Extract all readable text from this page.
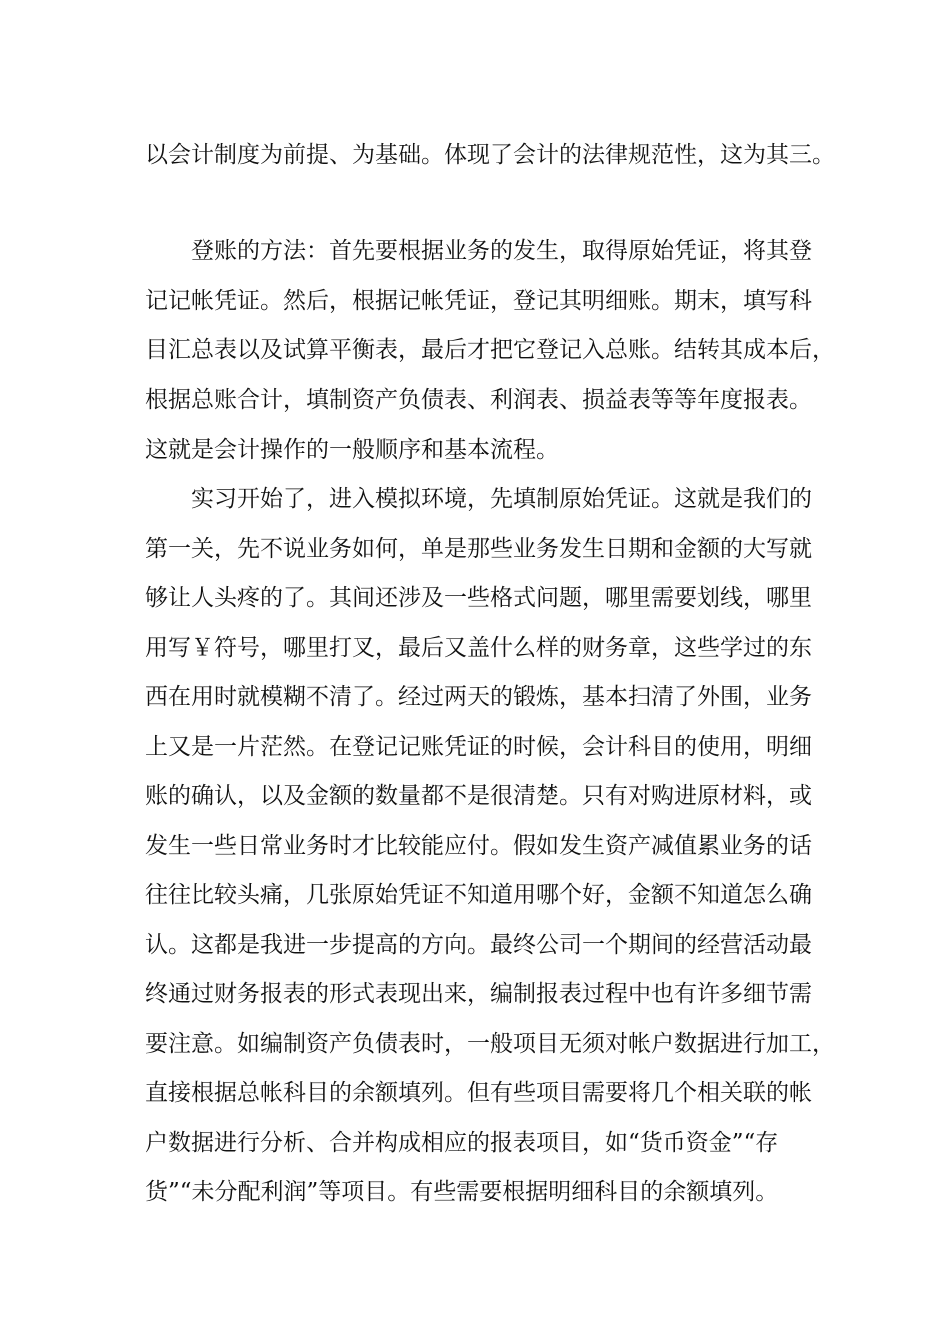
以会计制度为前提、为基础。体现了会计的法律规范性，这为其三。

登账的方法：首先要根据业务的发生，取得原始凭证，将其登

记记帐凭证。然后，根据记帐凭证，登记其明细账。期末，填写科

目汇总表以及试算平衡表，最后才把它登记入总账。结转其成本后，

根据总账合计，填制资产负债表、利润表、损益表等等年度报表。

这就是会计操作的一般顺序和基本流程。

实习开始了，进入模拟环境，先填制原始凭证。这就是我们的

第一关，先不说业务如何，单是那些业务发生日期和金额的大写就

够让人头疼的了。其间还涉及一些格式问题，哪里需要划线，哪里

用写￥符号，哪里打叉，最后又盖什么样的财务章，这些学过的东

西在用时就模糊不清了。经过两天的锻炼，基本扫清了外围，业务

上又是一片茫然。在登记记账凭证的时候，会计科目的使用，明细

账的确认，以及金额的数量都不是很清楚。只有对购进原材料，或

发生一些日常业务时才比较能应付。假如发生资产减值累业务的话

往往比较头痛，几张原始凭证不知道用哪个好，金额不知道怎么确

认。这都是我进一步提高的方向。最终公司一个期间的经营活动最

终通过财务报表的形式表现出来，编制报表过程中也有许多细节需

要注意。如编制资产负债表时，一般项目无须对帐户数据进行加工，

直接根据总帐科目的余额填列。但有些项目需要将几个相关联的帐

户数据进行分析、合并构成相应的报表项目，如“货币资金”“存

货”“未分配利润”等项目。有些需要根据明细科目的余额填列。
